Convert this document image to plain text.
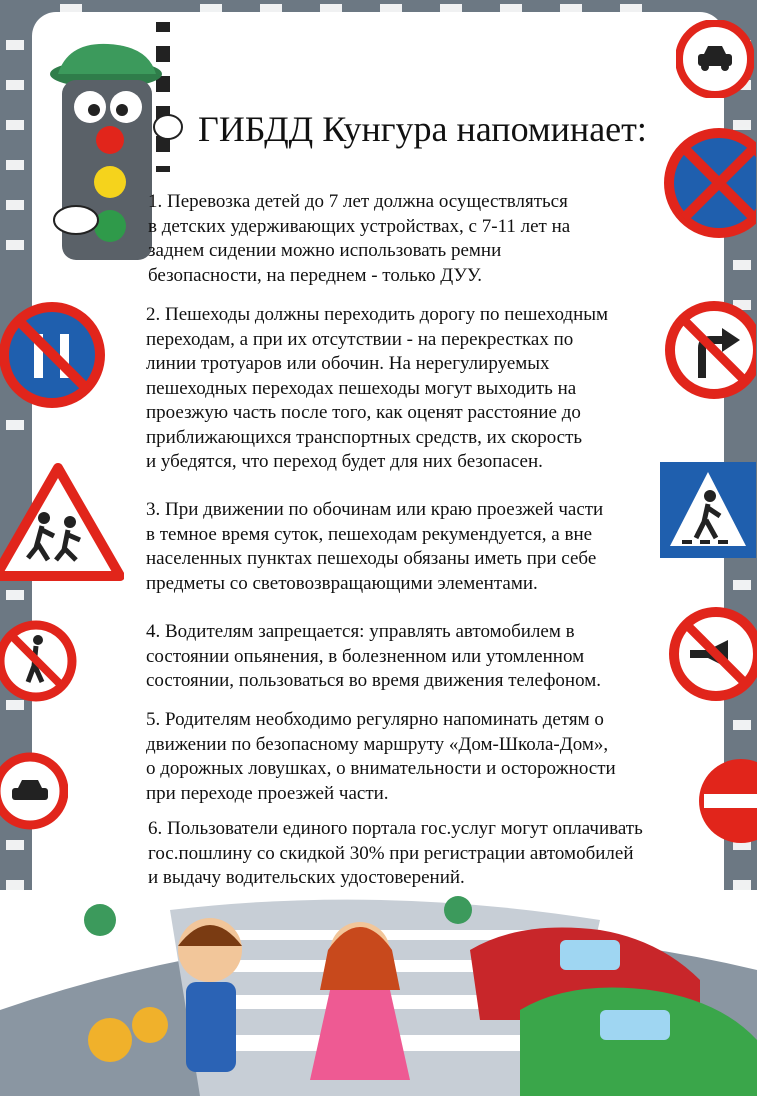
ГИБДД Кунгура напоминает:
1. Перевозка детей до 7 лет должна осуществляться
в детских удерживающих устройствах, с 7-11 лет на
заднем сидении можно использовать ремни
безопасности, на переднем - только ДУУ.
2. Пешеходы должны переходить дорогу по пешеходным
переходам, а при их отсутствии - на перекрестках по
линии тротуаров или обочин. На нерегулируемых
пешеходных переходах пешеходы могут выходить на
проезжую часть после того, как оценят расстояние до
приближающихся транспортных средств, их скорость
и убедятся, что переход будет для них безопасен.
3. При движении по обочинам или краю проезжей части
в темное время суток, пешеходам рекумендуется, а вне
населенных пунктах пешеходы обязаны иметь при себе
предметы со световозвращающими элементами.
4. Водителям запрещается: управлять автомобилем в
состоянии опьянения, в болезненном или утомленном
состоянии, пользоваться во время движения телефоном.
5. Родителям необходимо регулярно напоминать детям о
движении по безопасному маршруту «Дом-Школа-Дом»,
о дорожных ловушках, о внимательности и осторожности
при переходе проезжей части.
6. Пользователи единого портала гос.услуг могут оплачивать
гос.пошлину со скидкой 30% при регистрации автомобилей
и выдачу водительских удостоверений.
